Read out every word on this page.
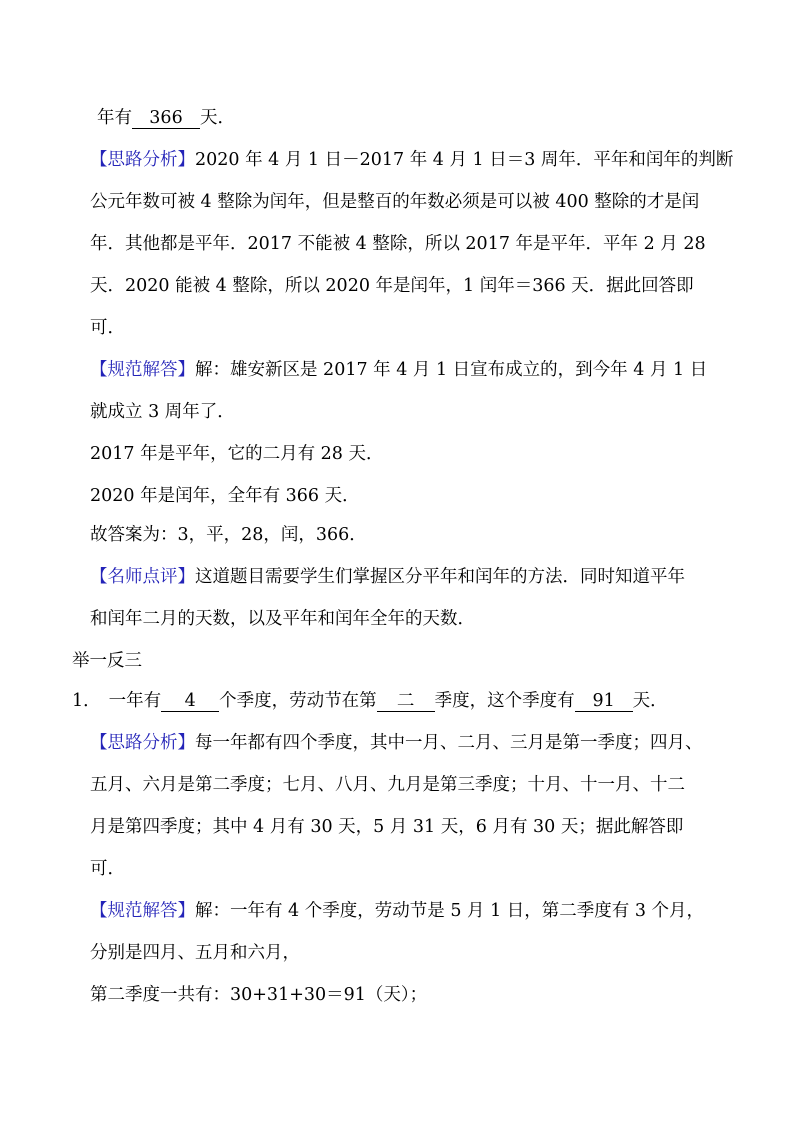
年有 366 天．
【思路分析】2020 年 4 月 1 日－2017 年 4 月 1 日＝3 周年．平年和闰年的判断
公元年数可被 4 整除为闰年，但是整百的年数必须是可以被 400 整除的才是闰
年．其他都是平年．2017 不能被 4 整除，所以 2017 年是平年．平年 2 月 28
天．2020 能被 4 整除，所以 2020 年是闰年，1 闰年＝366 天．据此回答即
可．
【规范解答】解：雄安新区是 2017 年 4 月 1 日宣布成立的，到今年 4 月 1 日
就成立 3 周年了．
2017 年是平年，它的二月有 28 天．
2020 年是闰年，全年有 366 天．
故答案为：3，平，28，闰，366．
【名师点评】这道题目需要学生们掌握区分平年和闰年的方法．同时知道平年
和闰年二月的天数，以及平年和闰年全年的天数．
举一反三
1． 一年有 4 个季度，劳动节在第 二 季度，这个季度有 91 天．
【思路分析】每一年都有四个季度，其中一月、二月、三月是第一季度；四月、
五月、六月是第二季度；七月、八月、九月是第三季度；十月、十一月、十二
月是第四季度；其中 4 月有 30 天，5 月 31 天，6 月有 30 天；据此解答即
可．
【规范解答】解：一年有 4 个季度，劳动节是 5 月 1 日，第二季度有 3 个月，
分别是四月、五月和六月，
第二季度一共有：30+31+30＝91（天）；
